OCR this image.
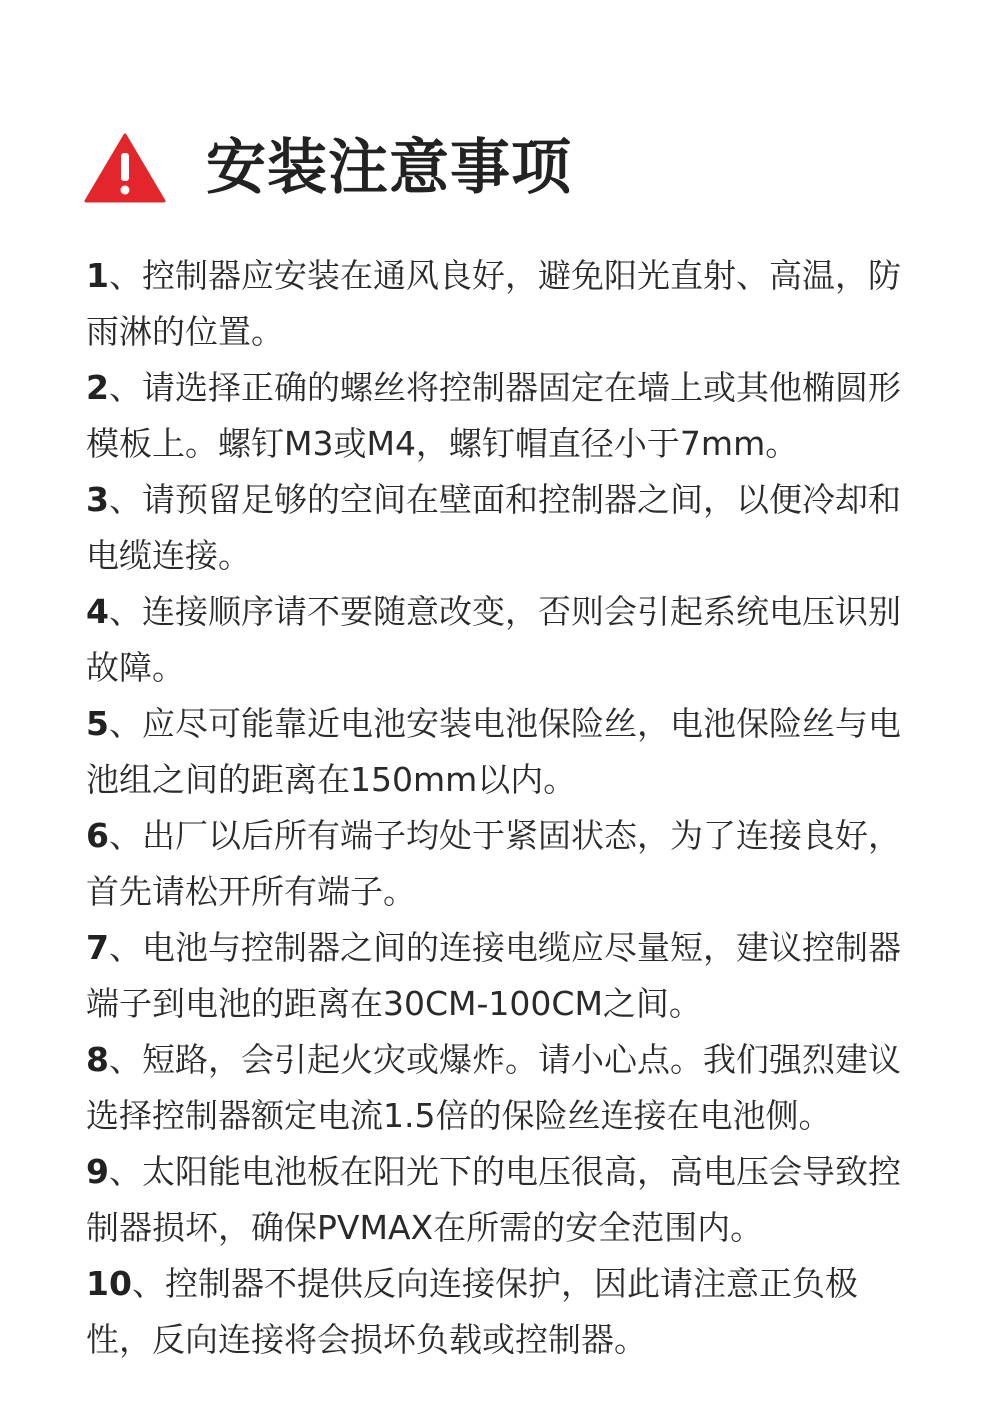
安装注意事项
1、控制器应安装在通风良好，避免阳光直射、高温，防雨淋的位置。
2、请选择正确的螺丝将控制器固定在墙上或其他椭圆形模板上。螺钉M3或M4，螺钉帽直径小于7mm。
3、请预留足够的空间在壁面和控制器之间，以便冷却和电缆连接。
4、连接顺序请不要随意改变，否则会引起系统电压识别故障。
5、应尽可能靠近电池安装电池保险丝，电池保险丝与电池组之间的距离在150mm以内。
6、出厂以后所有端子均处于紧固状态，为了连接良好，首先请松开所有端子。
7、电池与控制器之间的连接电缆应尽量短，建议控制器端子到电池的距离在30CM-100CM之间。
8、短路，会引起火灾或爆炸。请小心点。我们强烈建议选择控制器额定电流1.5倍的保险丝连接在电池侧。
9、太阳能电池板在阳光下的电压很高，高电压会导致控制器损坏，确保PVMAX在所需的安全范围内。
10、控制器不提供反向连接保护，因此请注意正负极性，反向连接将会损坏负载或控制器。
